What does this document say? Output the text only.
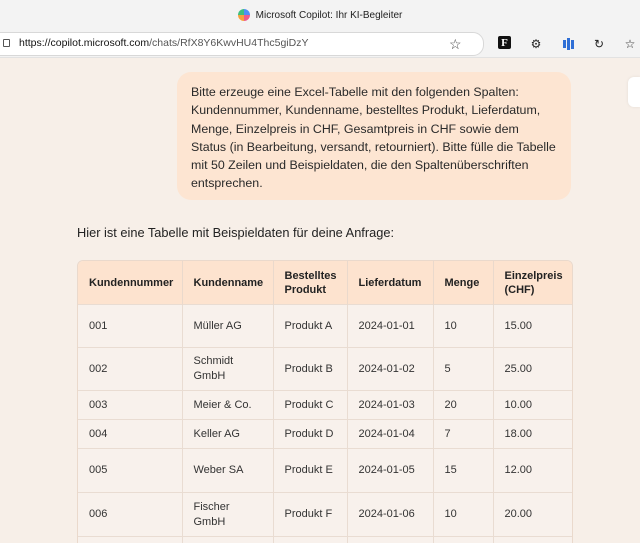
Microsoft Copilot: Ihr KI-Begleiter
https://copilot.microsoft.com/chats/RfX8Y6KwvHU4Thc5giDzY	☆	F ⚙	↻ ☆
Bitte erzeuge eine Excel-Tabelle mit den folgenden Spalten: Kundennummer, Kundenname, bestelltes Produkt, Lieferdatum, Menge, Einzelpreis in CHF, Gesamtpreis in CHF sowie dem Status (in Bearbeitung, versandt, retourniert). Bitte fülle die Tabelle mit 50 Zeilen und Beispieldaten, die den Spaltenüberschriften entsprechen.
Hier ist eine Tabelle mit Beispieldaten für deine Anfrage:
Kundennummer	Kundenname	Bestelltes Produkt	Lieferdatum	Menge	Einzelpreis (CHF)
001	Müller AG	Produkt A	2024-01-01	10	15.00
002	Schmidt GmbH	Produkt B	2024-01-02	5	25.00
003	Meier & Co.	Produkt C	2024-01-03	20	10.00
004	Keller AG	Produkt D	2024-01-04	7	18.00
005	Weber SA	Produkt E	2024-01-05	15	12.00
006	Fischer GmbH	Produkt F	2024-01-06	10	20.00
